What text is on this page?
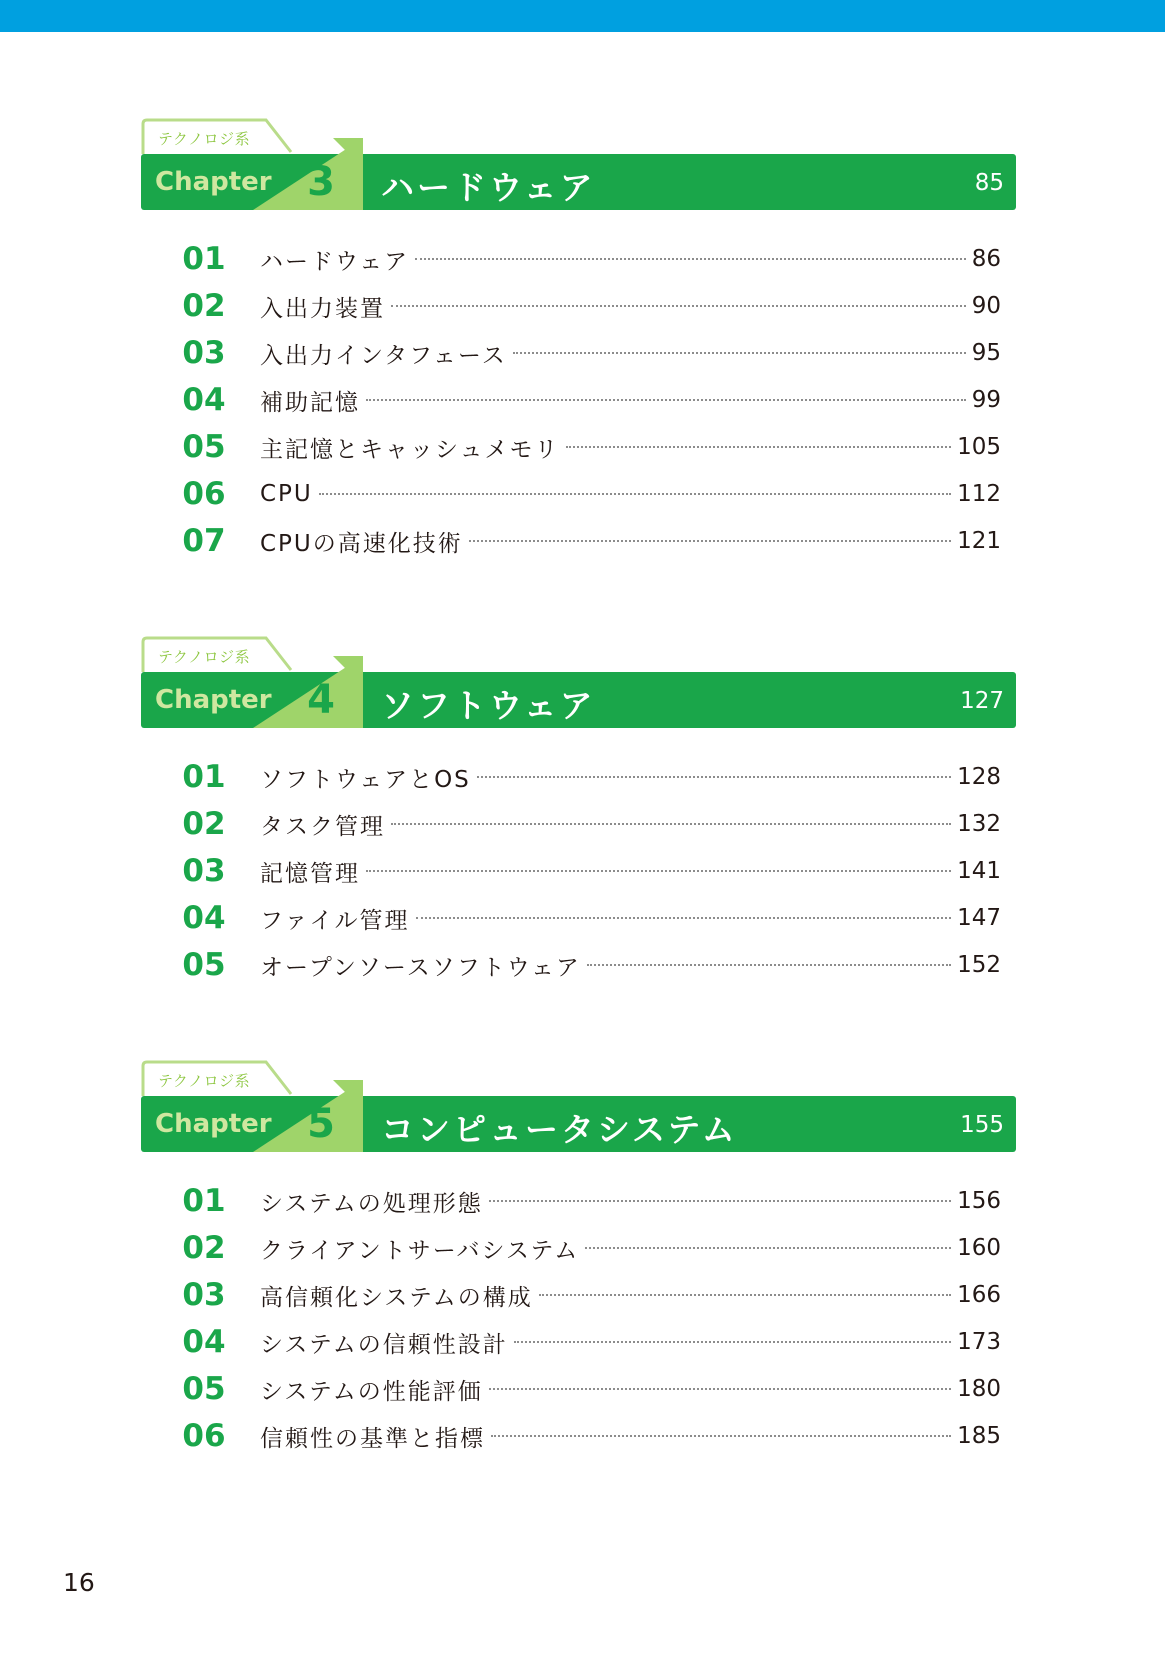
テクノロジ系
Chapter 3 ハードウェア	85
01 ハードウェア	86
02 入出力装置	90
03 入出力インタフェース	95
04 補助記憶	99
05 主記憶とキャッシュメモリ	105
06 CPU	112
07 CPUの高速化技術	121
テクノロジ系
Chapter 4 ソフトウェア	127
01 ソフトウェアとOS	128
02 タスク管理	132
03 記憶管理	141
04 ファイル管理	147
05 オープンソースソフトウェア	152
テクノロジ系
Chapter 5 コンピュータシステム	155
01 システムの処理形態	156
02 クライアントサーバシステム	160
03 高信頼化システムの構成	166
04 システムの信頼性設計	173
05 システムの性能評価	180
06 信頼性の基準と指標	185
16
